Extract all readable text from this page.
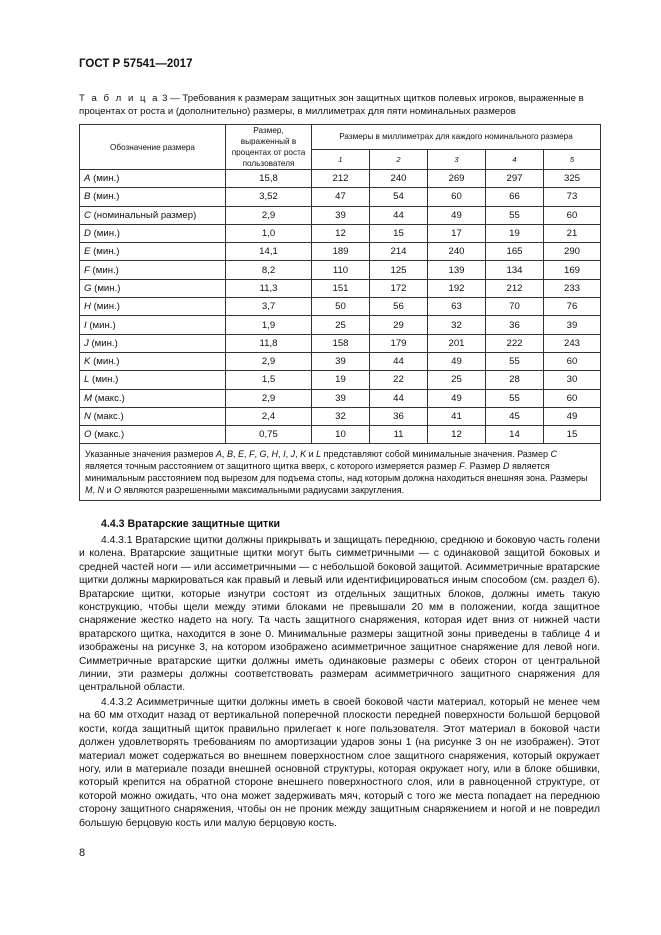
ГОСТ Р 57541—2017
Т а б л и ц а 3 — Требования к размерам защитных зон защитных щитков полевых игроков, выраженные в процентах от роста и (дополнительно) размеры, в миллиметрах для пяти номинальных размеров
Обозначение размера	Размер, выраженный в процентах от роста пользователя	Размеры в миллиметрах для каждого номинального размера				
		1	2	3	4	5
A (мин.)	15,8	212	240	269	297	325
B (мин.)	3,52	47	54	60	66	73
C (номинальный размер)	2,9	39	44	49	55	60
D (мин.)	1,0	12	15	17	19	21
E (мин.)	14,1	189	214	240	165	290
F (мин.)	8,2	110	125	139	134	169
G (мин.)	11,3	151	172	192	212	233
H (мин.)	3,7	50	56	63	70	76
I (мин.)	1,9	25	29	32	36	39
J (мин.)	11,8	158	179	201	222	243
K (мин.)	2,9	39	44	49	55	60
L (мин.)	1,5	19	22	25	28	30
M (макс.)	2,9	39	44	49	55	60
N (макс.)	2,4	32	36	41	45	49
O (макс.)	0,75	10	11	12	14	15
Указанные значения размеров A, B, E, F, G, H, I, J, K и L представляют собой минимальные значения. Размер C является точным расстоянием от защитного щитка вверх, с которого измеряется размер F. Размер D является минимальным расстоянием под вырезом для подъема стопы, над которым должна находиться внешняя зона. Размеры M, N и O являются разрешенными максимальными радиусами закругления.						
4.4.3 Вратарские защитные щитки

4.4.3.1 Вратарские щитки должны прикрывать и защищать переднюю, среднюю и боковую часть голени и колена. Вратарские защитные щитки могут быть симметричными — с одинаковой защитой боковых и средней частей ноги — или ассиметричными — с небольшой боковой защитой. Асимметричные вратарские щитки должны маркироваться как правый и левый или идентифицироваться иным способом (см. раздел 6). Вратарские щитки, которые изнутри состоят из отдельных защитных блоков, должны иметь такую конструкцию, чтобы щели между этими блоками не превышали 20 мм в положении, когда защитное снаряжение жестко надето на ногу. Та часть защитного снаряжения, которая идет вниз от нижней части вратарского щитка, находится в зоне 0. Минимальные размеры защитной зоны приведены в таблице 4 и изображены на рисунке 3, на котором изображено асимметричное защитное снаряжение для левой ноги. Симметричные вратарские щитки должны иметь одинаковые размеры с обеих сторон от центральной линии, эти размеры должны соответствовать размерам асимметричного защитного снаряжения для центральной области.

4.4.3.2 Асимметричные щитки должны иметь в своей боковой части материал, который не менее чем на 60 мм отходит назад от вертикальной поперечной плоскости передней поверхности большой берцовой кости, когда защитный щиток правильно прилегает к ноге пользователя. Этот материал в боковой части должен удовлетворять требованиям по амортизации ударов зоны 1 (на рисунке 3 он не изображен). Этот материал может содержаться во внешнем поверхностном слое защитного снаряжения, который окружает ногу, или в материале позади внешней основной структуры, которая окружает ногу, или в блоке обшивки, который крепится на обратной стороне внешнего поверхностного слоя, или в равноценной структуре, от которой можно ожидать, что она может задерживать мяч, который с того же места попадает на переднюю сторону защитного снаряжения, чтобы он не проник между защитным снаряжением и ногой и не повредил большую берцовую кость или малую берцовую кость.

8
